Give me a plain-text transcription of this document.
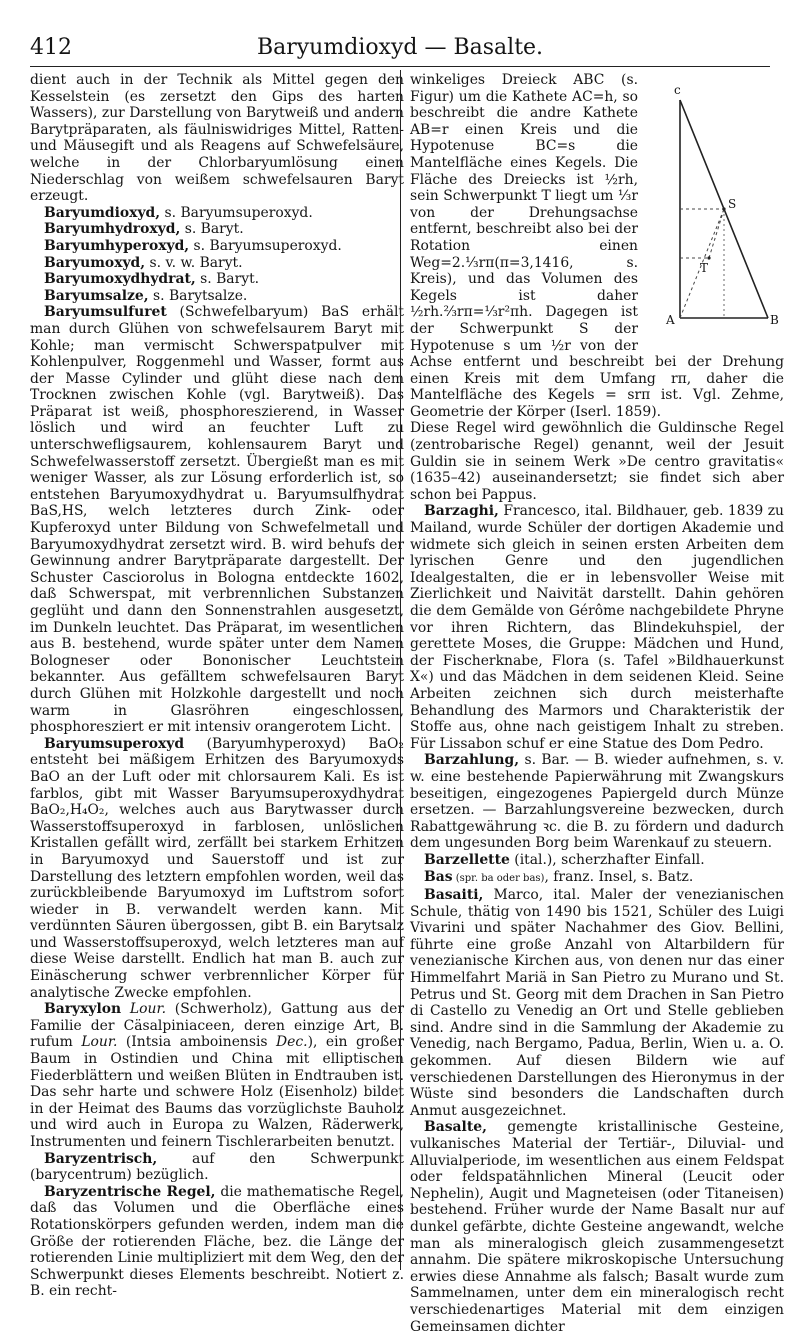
412	Baryumdioxyd — Basalte.

dient auch in der Technik als Mittel gegen den Kesselstein (es zersetzt den Gips des harten Wassers), zur Darstellung von Barytweiß und andern Barytpräparaten, als fäulniswidriges Mittel, Ratten- und Mäusegift und als Reagens auf Schwefelsäure, welche in der Chlorbaryumlösung einen Niederschlag von weißem schwefelsauren Baryt erzeugt.

Baryumdioxyd, s. Baryumsuperoxyd.

Baryumhydroxyd, s. Baryt.

Baryumhyperoxyd, s. Baryumsuperoxyd.

Baryumoxyd, s. v. w. Baryt.

Baryumoxydhydrat, s. Baryt.

Baryumsalze, s. Barytsalze.

Baryumsulfuret (Schwefelbaryum) BaS erhält man durch Glühen von schwefelsaurem Baryt mit Kohle; man vermischt Schwerspatpulver mit Kohlenpulver, Roggenmehl und Wasser, formt aus der Masse Cylinder und glüht diese nach dem Trocknen zwischen Kohle (vgl. Barytweiß). Das Präparat ist weiß, phosphoreszierend, in Wasser löslich und wird an feuchter Luft zu unterschwefligsaurem, kohlensaurem Baryt und Schwefelwasserstoff zersetzt. Übergießt man es mit weniger Wasser, als zur Lösung erforderlich ist, so entstehen Baryumoxydhydrat u. Baryumsulfhydrat BaS,HS, welch letzteres durch Zink- oder Kupferoxyd unter Bildung von Schwefelmetall und Baryumoxydhydrat zersetzt wird. B. wird behufs der Gewinnung andrer Barytpräparate dargestellt. Der Schuster Casciorolus in Bologna entdeckte 1602, daß Schwerspat, mit verbrennlichen Substanzen geglüht und dann den Sonnenstrahlen ausgesetzt, im Dunkeln leuchtet. Das Präparat, im wesentlichen aus B. bestehend, wurde später unter dem Namen Bologneser oder Bononischer Leuchtstein bekannter. Aus gefälltem schwefelsauren Baryt durch Glühen mit Holzkohle dargestellt und noch warm in Glasröhren eingeschlossen, phosphoresziert er mit intensiv orangerotem Licht.

Baryumsuperoxyd (Baryumhyperoxyd) BaO₂ entsteht bei mäßigem Erhitzen des Baryumoxyds BaO an der Luft oder mit chlorsaurem Kali. Es ist farblos, gibt mit Wasser Baryumsuperoxydhydrat BaO₂,H₄O₂, welches auch aus Barytwasser durch Wasserstoffsuperoxyd in farblosen, unlöslichen Kristallen gefällt wird, zerfällt bei starkem Erhitzen in Baryumoxyd und Sauerstoff und ist zur Darstellung des letztern empfohlen worden, weil das zurückbleibende Baryumoxyd im Luftstrom sofort wieder in B. verwandelt werden kann. Mit verdünnten Säuren übergossen, gibt B. ein Barytsalz und Wasserstoffsuperoxyd, welch letzteres man auf diese Weise darstellt. Endlich hat man B. auch zur Einäscherung schwer verbrennlicher Körper für analytische Zwecke empfohlen.

Baryxylon Lour. (Schwerholz), Gattung aus der Familie der Cäsalpiniaceen, deren einzige Art, B. rufum Lour. (Intsia amboinensis Dec.), ein großer Baum in Ostindien und China mit elliptischen Fiederblättern und weißen Blüten in Endtrauben ist. Das sehr harte und schwere Holz (Eisenholz) bildet in der Heimat des Baums das vorzüglichste Bauholz und wird auch in Europa zu Walzen, Räderwerk, Instrumenten und feinern Tischlerarbeiten benutzt.

Baryzentrisch, auf den Schwerpunkt (barycentrum) bezüglich.

Baryzentrische Regel, die mathematische Regel, daß das Volumen und die Oberfläche eines Rotationskörpers gefunden werden, indem man die Größe der rotierenden Fläche, bez. die Länge der rotierenden Linie multipliziert mit dem Weg, den der Schwerpunkt dieses Elements beschreibt. Notiert z. B. ein recht-

c
S
T
A	B
winkeliges Dreieck ABC (s. Figur) um die Kathete AC=h, so beschreibt die andre Kathete AB=r einen Kreis und die Hypotenuse BC=s die Mantelfläche eines Kegels. Die Fläche des Dreiecks ist ½rh, sein Schwerpunkt T liegt um ⅓r von der Drehungsachse entfernt, beschreibt also bei der Rotation einen Weg=2.⅓rπ(π=3,1416, s. Kreis), und das Volumen des Kegels ist daher ½rh.⅔rπ=⅓r²πh. Dagegen ist der Schwerpunkt S der Hypotenuse s um ½r von der Achse entfernt und beschreibt bei der Drehung einen Kreis mit dem Umfang rπ, daher die Mantelfläche des Kegels = srπ ist. Vgl. Zehme, Geometrie der Körper (Iserl. 1859).

Diese Regel wird gewöhnlich die Guldinsche Regel (zentrobarische Regel) genannt, weil der Jesuit Guldin sie in seinem Werk »De centro gravitatis« (1635–42) auseinandersetzt; sie findet sich aber schon bei Pappus.

Barzaghi, Francesco, ital. Bildhauer, geb. 1839 zu Mailand, wurde Schüler der dortigen Akademie und widmete sich gleich in seinen ersten Arbeiten dem lyrischen Genre und den jugendlichen Idealgestalten, die er in lebensvoller Weise mit Zierlichkeit und Naivität darstellt. Dahin gehören die dem Gemälde von Gérôme nachgebildete Phryne vor ihren Richtern, das Blindekuhspiel, der gerettete Moses, die Gruppe: Mädchen und Hund, der Fischerknabe, Flora (s. Tafel »Bildhauerkunst X«) und das Mädchen in dem seidenen Kleid. Seine Arbeiten zeichnen sich durch meisterhafte Behandlung des Marmors und Charakteristik der Stoffe aus, ohne nach geistigem Inhalt zu streben. Für Lissabon schuf er eine Statue des Dom Pedro.

Barzahlung, s. Bar. — B. wieder aufnehmen, s. v. w. eine bestehende Papierwährung mit Zwangskurs beseitigen, eingezogenes Papiergeld durch Münze ersetzen. — Barzahlungsvereine bezwecken, durch Rabattgewährung ꝛc. die B. zu fördern und dadurch dem ungesunden Borg beim Warenkauf zu steuern.

Barzellette (ital.), scherzhafter Einfall.

Bas (spr. ba oder bas), franz. Insel, s. Batz.

Basaiti, Marco, ital. Maler der venezianischen Schule, thätig von 1490 bis 1521, Schüler des Luigi Vivarini und später Nachahmer des Giov. Bellini, führte eine große Anzahl von Altarbildern für venezianische Kirchen aus, von denen nur das einer Himmelfahrt Mariä in San Pietro zu Murano und St. Petrus und St. Georg mit dem Drachen in San Pietro di Castello zu Venedig an Ort und Stelle geblieben sind. Andre sind in die Sammlung der Akademie zu Venedig, nach Bergamo, Padua, Berlin, Wien u. a. O. gekommen. Auf diesen Bildern wie auf verschiedenen Darstellungen des Hieronymus in der Wüste sind besonders die Landschaften durch Anmut ausgezeichnet.

Basalte, gemengte kristallinische Gesteine, vulkanisches Material der Tertiär-, Diluvial- und Alluvialperiode, im wesentlichen aus einem Feldspat oder feldspatähnlichen Mineral (Leucit oder Nephelin), Augit und Magneteisen (oder Titaneisen) bestehend. Früher wurde der Name Basalt nur auf dunkel gefärbte, dichte Gesteine angewandt, welche man als mineralogisch gleich zusammengesetzt annahm. Die spätere mikroskopische Untersuchung erwies diese Annahme als falsch; Basalt wurde zum Sammelnamen, unter dem ein mineralogisch recht verschiedenartiges Material mit dem einzigen Gemeinsamen dichter
